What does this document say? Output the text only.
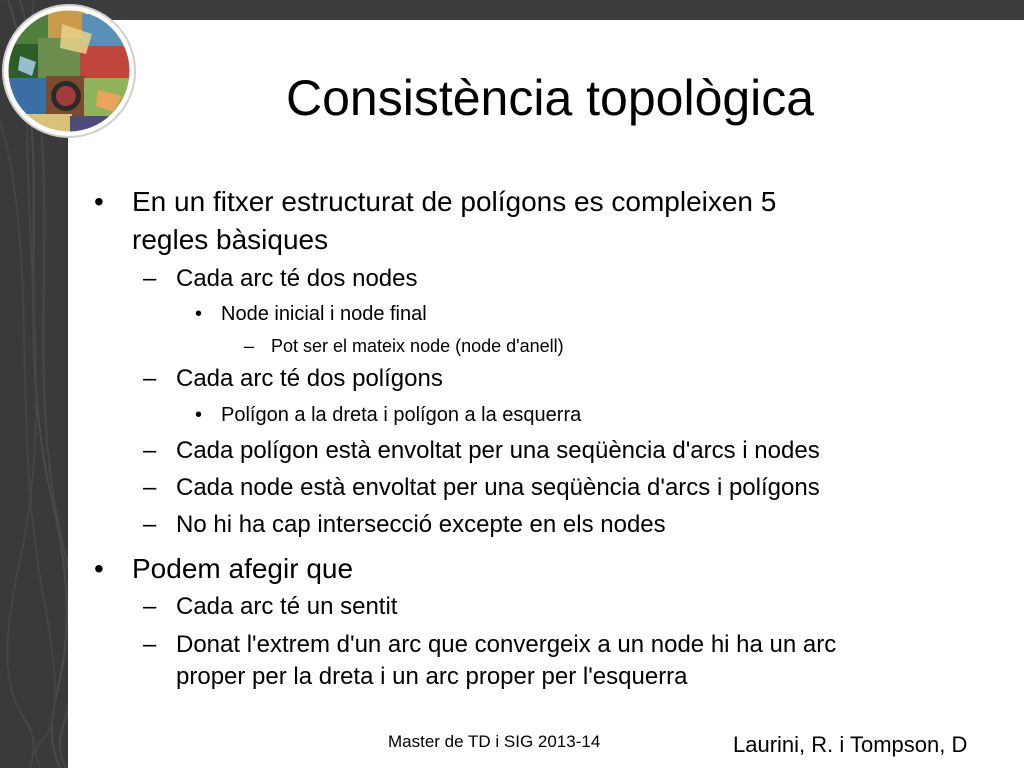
Consistència topològica
• En un fitxer estructurat de polígons es compleixen 5
regles bàsiques
– Cada arc té dos nodes
• Node inicial i node final
– Pot ser el mateix node (node d'anell)
– Cada arc té dos polígons
• Polígon a la dreta i polígon a la esquerra
– Cada polígon està envoltat per una seqüència d'arcs i nodes
– Cada node està envoltat per una seqüència d'arcs i polígons
– No hi ha cap intersecció excepte en els nodes
• Podem afegir que
– Cada arc té un sentit
– Donat l'extrem d'un arc que convergeix a un node hi ha un arc
proper per la dreta i un arc proper per l'esquerra
Master de TD i SIG 2013-14	Laurini, R. i Tompson, D
